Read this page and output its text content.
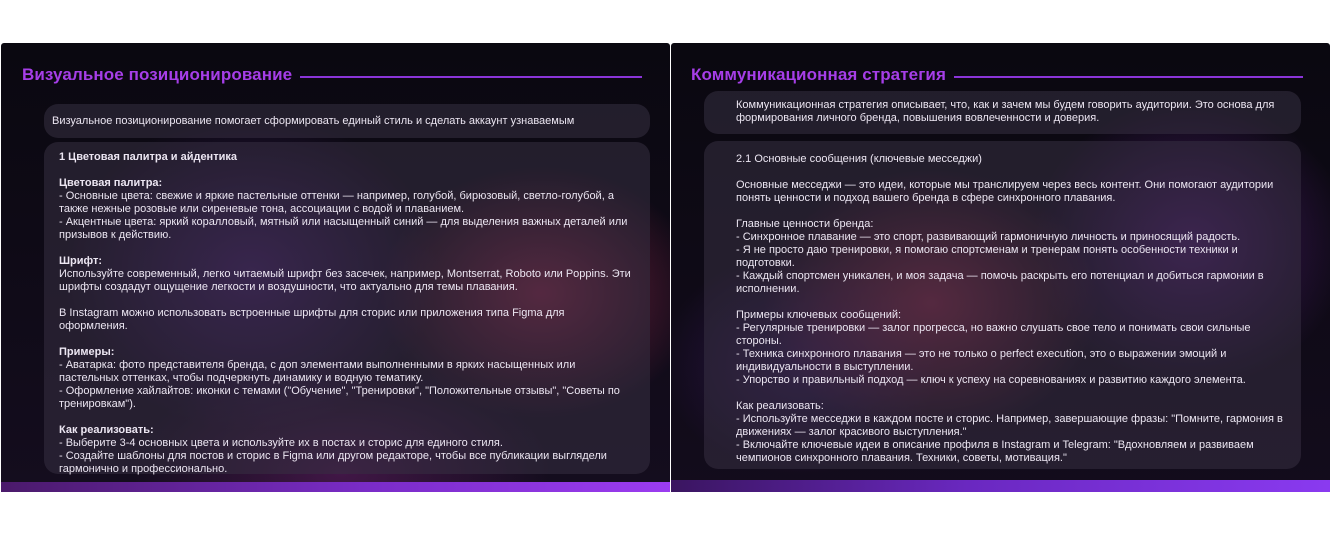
Визуальное позиционирование
Визуальное позиционирование помогает сформировать единый стиль и сделать аккаунт узнаваемым
1 Цветовая палитра и айдентика
Цветовая палитра:
- Основные цвета: свежие и яркие пастельные оттенки — например, голубой, бирюзовый, светло-голубой, а
также нежные розовые или сиреневые тона, ассоциации с водой и плаванием.
- Акцентные цвета: яркий коралловый, мятный или насыщенный синий — для выделения важных деталей или
призывов к действию.
Шрифт:
Используйте современный, легко читаемый шрифт без засечек, например, Montserrat, Roboto или Poppins. Эти
шрифты создадут ощущение легкости и воздушности, что актуально для темы плавания.
В Instagram можно использовать встроенные шрифты для сторис или приложения типа Figma для
оформления.
Примеры:
- Аватарка: фото представителя бренда, с доп элементами выполненными в ярких насыщенных или
пастельных оттенках, чтобы подчеркнуть динамику и водную тематику.
- Оформление хайлайтов: иконки с темами ("Обучение", "Тренировки", "Положительные отзывы", "Советы по
тренировкам").
Как реализовать:
- Выберите 3-4 основных цвета и используйте их в постах и сторис для единого стиля.
- Создайте шаблоны для постов и сторис в Figma или другом редакторе, чтобы все публикации выглядели
гармонично и профессионально.
Коммуникационная стратегия
Коммуникационная стратегия описывает, что, как и зачем мы будем говорить аудитории. Это основа для
формирования личного бренда, повышения вовлеченности и доверия.
2.1 Основные сообщения (ключевые месседжи)
Основные месседжи — это идеи, которые мы транслируем через весь контент. Они помогают аудитории
понять ценности и подход вашего бренда в сфере синхронного плавания.
Главные ценности бренда:
- Синхронное плавание — это спорт, развивающий гармоничную личность и приносящий радость.
- Я не просто даю тренировки, я помогаю спортсменам и тренерам понять особенности техники и
подготовки.
- Каждый спортсмен уникален, и моя задача — помочь раскрыть его потенциал и добиться гармонии в
исполнении.
Примеры ключевых сообщений:
- Регулярные тренировки — залог прогресса, но важно слушать свое тело и понимать свои сильные
стороны.
- Техника синхронного плавания — это не только о perfect execution, это о выражении эмоций и
индивидуальности в выступлении.
- Упорство и правильный подход — ключ к успеху на соревнованиях и развитию каждого элемента.
Как реализовать:
- Используйте месседжи в каждом посте и сторис. Например, завершающие фразы: "Помните, гармония в
движениях — залог красивого выступления."
- Включайте ключевые идеи в описание профиля в Instagram и Telegram: "Вдохновляем и развиваем
чемпионов синхронного плавания. Техники, советы, мотивация."
